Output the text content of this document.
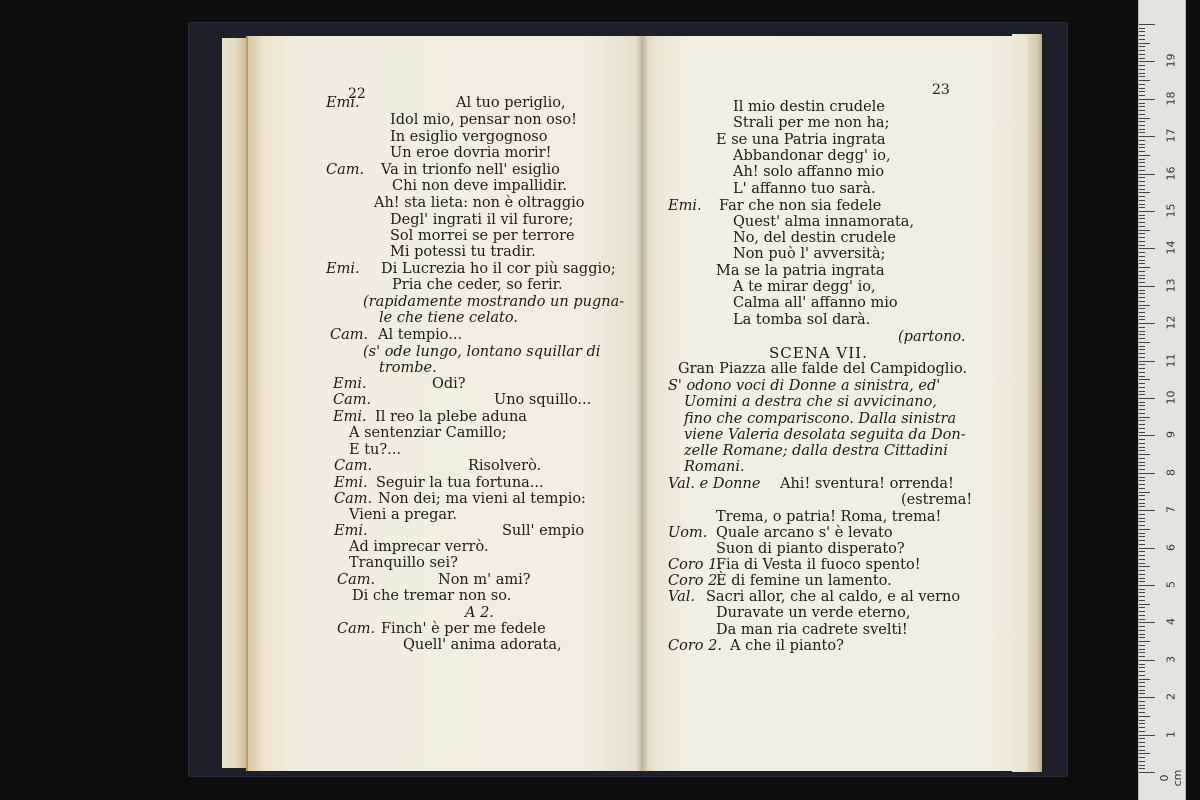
22	23
Emi.	Al tuo periglio,
Idol mio, pensar non oso!
In esiglio vergognoso
Un eroe dovria morir!
Cam. Va in trionfo nell' esiglio
Chi non deve impallidir.
Ah! sta lieta: non è oltraggio
Degl' ingrati il vil furore;
Sol morrei se per terrore
Mi potessi tu tradir.
Emi. Di Lucrezia ho il cor più saggio;
Pria che ceder, so ferir.
(rapidamente mostrando un pugna-
le che tiene celato.
Cam. Al tempio...
(s' ode lungo, lontano squillar di
trombe.
Emi.	Odi?
Cam.	Uno squillo...
Emi. Il reo la plebe aduna
A sentenziar Camillo;
E tu?...
Cam.	Risolverò.
Emi. Seguir la tua fortuna...
Cam. Non dei; ma vieni al tempio:
Vieni a pregar.
Emi.	Sull' empio
Ad imprecar verrò.
Tranquillo sei?
Cam.	Non m' ami?
Di che tremar non so.
A 2.
Cam. Finch' è per me fedele
Quell' anima adorata,
Il mio destin crudele
Strali per me non ha;
E se una Patria ingrata
Abbandonar degg' io,
Ah! solo affanno mio
L' affanno tuo sarà.
Emi. Far che non sia fedele
Quest' alma innamorata,
No, del destin crudele
Non può l' avversità;
Ma se la patria ingrata
A te mirar degg' io,
Calma all' affanno mio
La tomba sol darà.
(partono.
SCENA VII.
Gran Piazza alle falde del Campidoglio.
S' odono voci di Donne a sinistra, ed'
Uomini a destra che si avvicinano,
fino che compariscono. Dalla sinistra
viene Valeria desolata seguita da Don-
zelle Romane; dalla destra Cittadini
Romani.
Val. e Donne Ahi! sventura! orrenda!
(estrema!
Trema, o patria! Roma, trema!
Uom. Quale arcano s' è levato
Suon di pianto disperato?
Coro 1.
Fia di Vesta il fuoco spento!
Coro 2.
È di femine un lamento.
Val. Sacri allor, che al caldo, e al verno
Duravate un verde eterno,
Da man ria cadrete svelti!
Coro 2. A che il pianto?
0 cm
1
2
3
4
5
6
7
8
9
10
11
12
13
14
15
16
17
18
19
